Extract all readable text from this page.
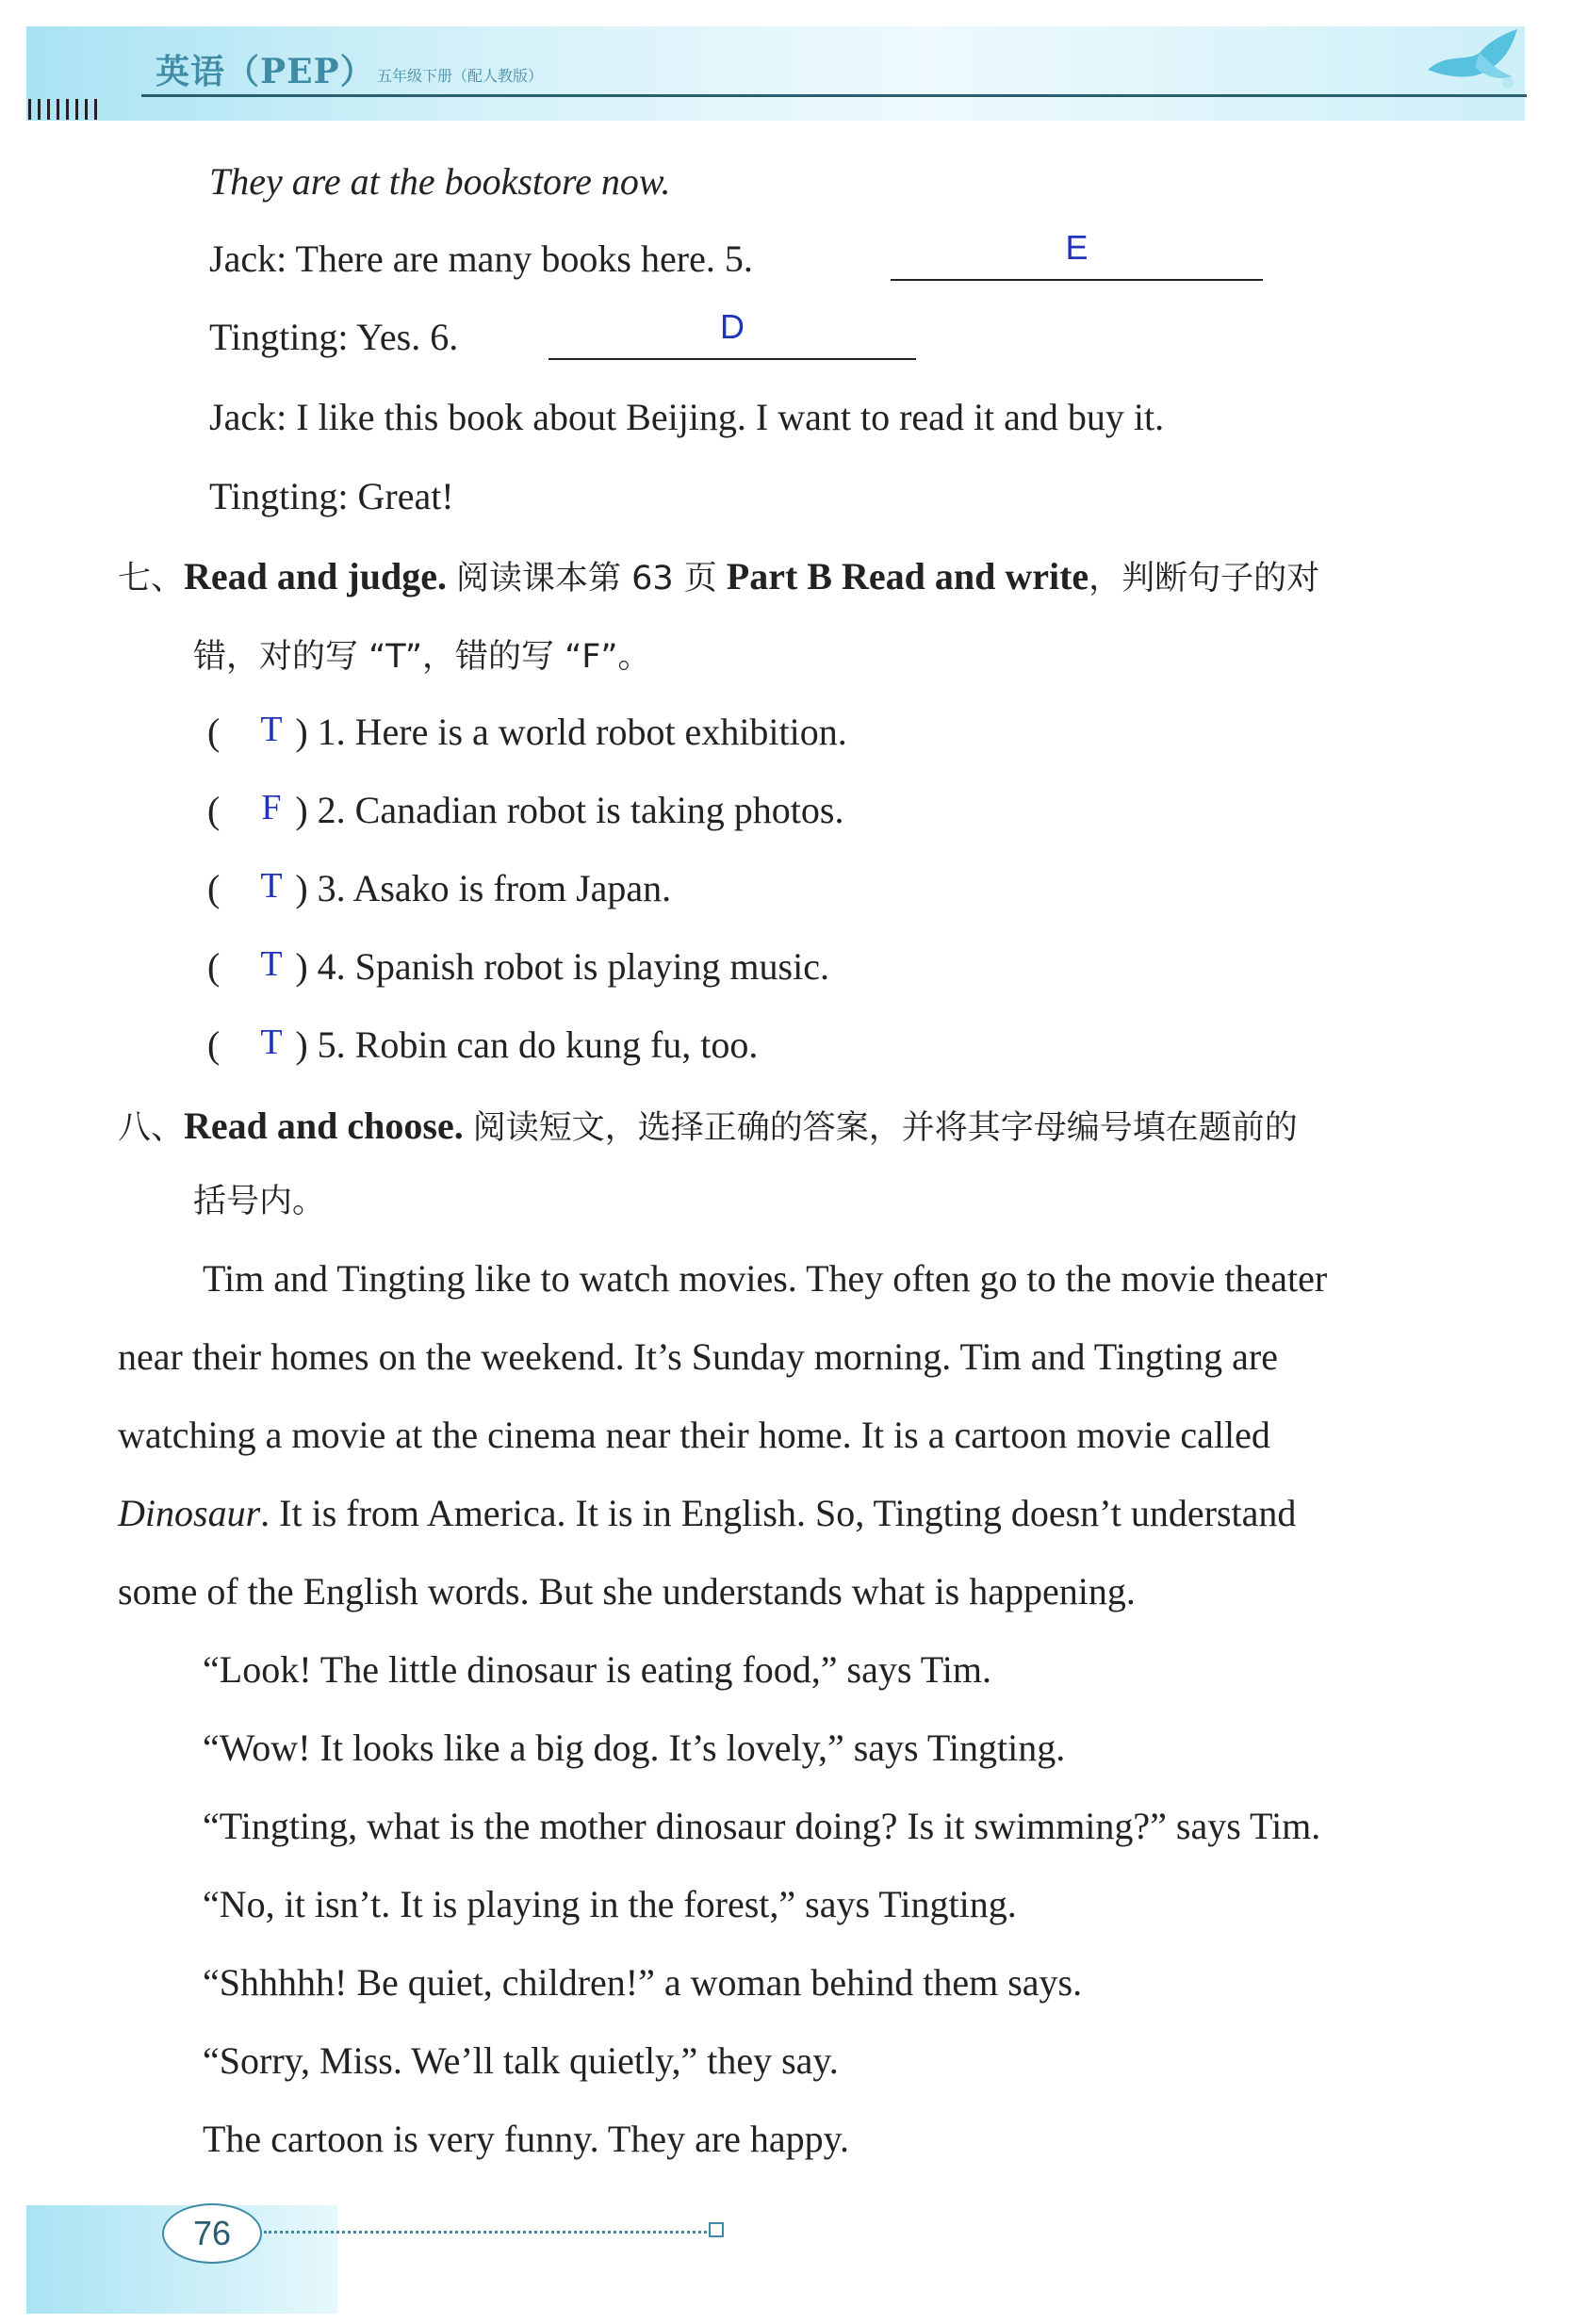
英语（PEP） 五年级下册（配人教版）
They are at the bookstore now.
Jack: There are many books here. 5.	E
Tingting: Yes. 6.	D
Jack: I like this book about Beijing. I want to read it and buy it.
Tingting: Great!
七、Read and judge. 阅读课本第 63 页 Part B Read and write，判断句子的对
错，对的写 “T”，错的写 “F”。
( ) 1. Here is a world robot exhibition.
T
( ) 2. Canadian robot is taking photos.
F
( ) 3. Asako is from Japan.
T
( ) 4. Spanish robot is playing music.
T
( ) 5. Robin can do kung fu, too.
T
八、Read and choose. 阅读短文，选择正确的答案，并将其字母编号填在题前的
括号内。
Tim and Tingting like to watch movies. They often go to the movie theater
near their homes on the weekend. It’s Sunday morning. Tim and Tingting are
watching a movie at the cinema near their home. It is a cartoon movie called
Dinosaur. It is from America. It is in English. So, Tingting doesn’t understand
some of the English words. But she understands what is happening.
“Look! The little dinosaur is eating food,” says Tim.
“Wow! It looks like a big dog. It’s lovely,” says Tingting.
“Tingting, what is the mother dinosaur doing? Is it swimming?” says Tim.
“No, it isn’t. It is playing in the forest,” says Tingting.
“Shhhhh! Be quiet, children!” a woman behind them says.
“Sorry, Miss. We’ll talk quietly,” they say.
The cartoon is very funny. They are happy.
76
